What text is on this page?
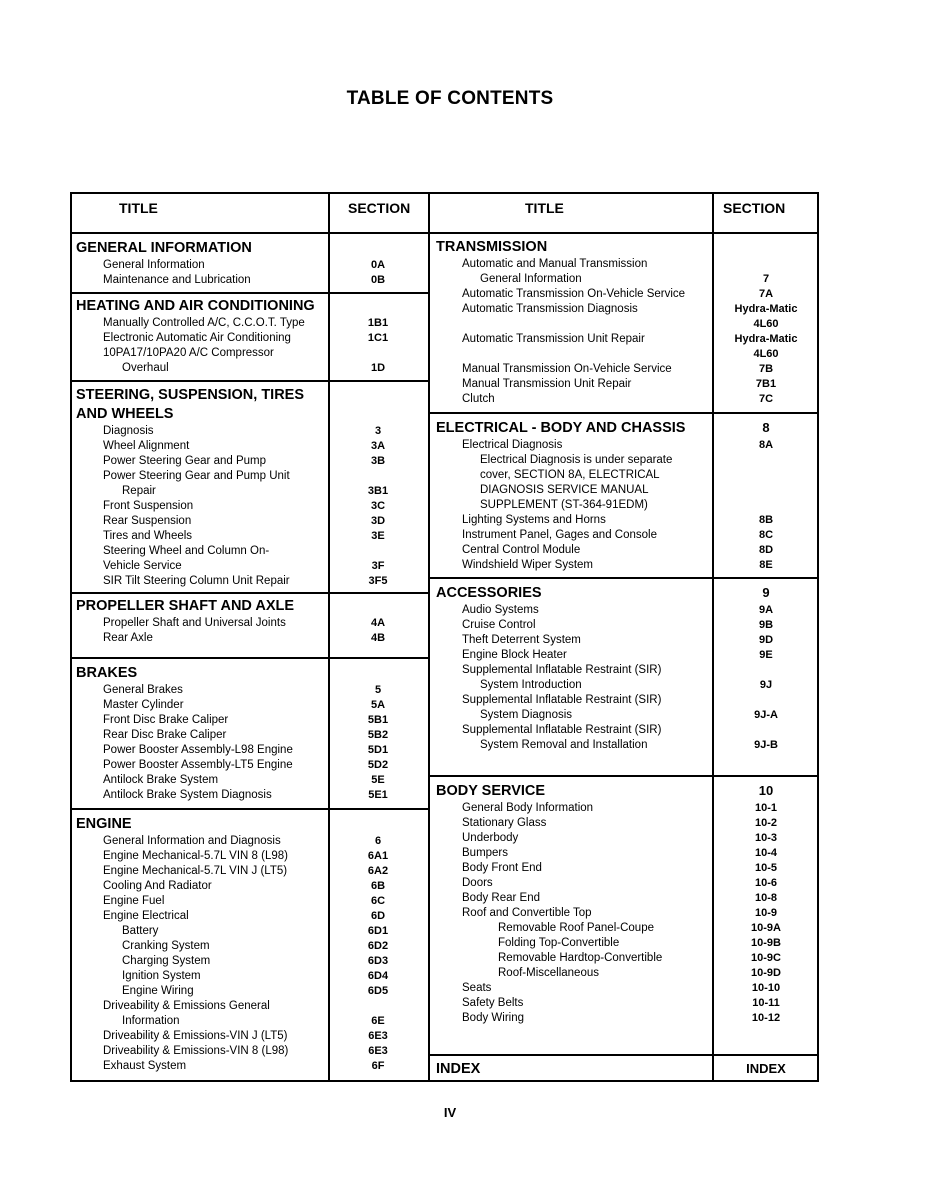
TABLE OF CONTENTS
TITLE	SECTION	TITLE	SECTION
GENERAL INFORMATION
General Information	0A
Maintenance and Lubrication	0B
HEATING AND AIR CONDITIONING
Manually Controlled A/C, C.C.O.T. Type	1B1
Electronic Automatic Air Conditioning	1C1
10PA17/10PA20 A/C Compressor
Overhaul	1D
STEERING, SUSPENSION, TIRES
AND WHEELS
Diagnosis	3
Wheel Alignment	3A
Power Steering Gear and Pump	3B
Power Steering Gear and Pump Unit
Repair	3B1
Front Suspension	3C
Rear Suspension	3D
Tires and Wheels	3E
Steering Wheel and Column On-
Vehicle Service	3F
SIR Tilt Steering Column Unit Repair	3F5
PROPELLER SHAFT AND AXLE
Propeller Shaft and Universal Joints	4A
Rear Axle	4B
BRAKES
General Brakes	5
Master Cylinder	5A
Front Disc Brake Caliper	5B1
Rear Disc Brake Caliper	5B2
Power Booster Assembly-L98 Engine	5D1
Power Booster Assembly-LT5 Engine	5D2
Antilock Brake System	5E
Antilock Brake System Diagnosis	5E1
ENGINE
General Information and Diagnosis	6
Engine Mechanical-5.7L VIN 8 (L98)	6A1
Engine Mechanical-5.7L VIN J (LT5)	6A2
Cooling And Radiator	6B
Engine Fuel	6C
Engine Electrical	6D
Battery	6D1
Cranking System	6D2
Charging System	6D3
Ignition System	6D4
Engine Wiring	6D5
Driveability & Emissions General
Information	6E
Driveability & Emissions-VIN J (LT5)	6E3
Driveability & Emissions-VIN 8 (L98)	6E3
Exhaust System	6F
TRANSMISSION
Automatic and Manual Transmission
General Information	7
Automatic Transmission On-Vehicle Service	7A
Automatic Transmission Diagnosis	Hydra-Matic
4L60
Automatic Transmission Unit Repair	Hydra-Matic
4L60
Manual Transmission On-Vehicle Service	7B
Manual Transmission Unit Repair	7B1
Clutch	7C
ELECTRICAL - BODY AND CHASSIS	8
Electrical Diagnosis	8A
Electrical Diagnosis is under separate
cover, SECTION 8A, ELECTRICAL
DIAGNOSIS SERVICE MANUAL
SUPPLEMENT (ST-364-91EDM)
Lighting Systems and Horns	8B
Instrument Panel, Gages and Console	8C
Central Control Module	8D
Windshield Wiper System	8E
ACCESSORIES	9
Audio Systems	9A
Cruise Control	9B
Theft Deterrent System	9D
Engine Block Heater	9E
Supplemental Inflatable Restraint (SIR)
System Introduction	9J
Supplemental Inflatable Restraint (SIR)
System Diagnosis	9J-A
Supplemental Inflatable Restraint (SIR)
System Removal and Installation	9J-B
BODY SERVICE	10
General Body Information	10-1
Stationary Glass	10-2
Underbody	10-3
Bumpers	10-4
Body Front End	10-5
Doors	10-6
Body Rear End	10-8
Roof and Convertible Top	10-9
Removable Roof Panel-Coupe	10-9A
Folding Top-Convertible	10-9B
Removable Hardtop-Convertible	10-9C
Roof-Miscellaneous	10-9D
Seats	10-10
Safety Belts	10-11
Body Wiring	10-12
INDEX	INDEX
IV
